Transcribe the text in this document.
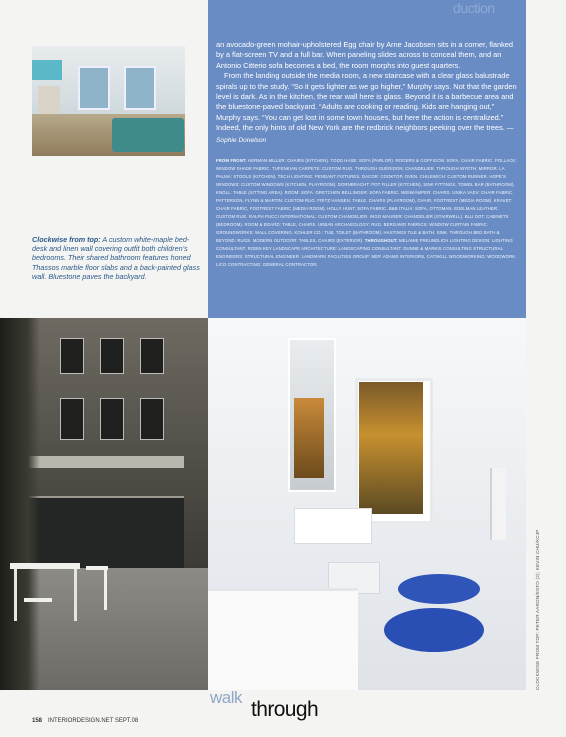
Clockwise from top: A custom white-maple bed-desk and linen wall covering outfit both children’s bedrooms. Their shared bathroom features honed Thassos marble floor slabs and a back-painted glass wall. Bluestone paves the backyard.
duction

an avocado-green mohair-upholstered Egg chair by Arne Jacobsen sits in a corner, flanked by a flat-screen TV and a full bar. When paneling slides across to conceal them, and an Antonio Citterio sofa becomes a bed, the room morphs into guest quarters.

From the landing outside the media room, a new staircase with a clear glass balustrade spirals up to the study. “So it gets lighter as we go higher,” Murphy says. Not that the garden level is dark. As in the kitchen, the rear wall here is glass. Beyond it is a barbecue area and the bluestone-paved backyard. “Adults are cooking or reading. Kids are hanging out,” Murphy says. “You can get lost in some town houses, but here the action is centralized.” Indeed, the only hints of old New York are the redbrick neighbors peeking over the trees. —Sophie Donelson

FROM FRONT: HERMAN MILLER: CHAIRS (KITCHEN). TODD HASE: SOFA (PARLOR). ROGERS & GOFFIGON: SOFA, CHAIR FABRIC. POLLACK: WINDOW SHADE FABRIC. TUFENKIAN CARPETS: CUSTOM RUG. THROUGH GUÉRIDON: CHANDELIER. THROUGH WYETH: MIRROR. LA PALMA: STOOLS (KITCHEN). TECH LIGHTING: PENDANT FIXTURES. DACOR: COOKTOP, OVEN. CHILEWICH: CUSTOM RUNNER. HOPE’S WINDOWS: CUSTOM WINDOWS (KITCHEN, PLAYROOM). DORNBRACHT: POT FILLER (KITCHEN), SINK FITTINGS, TOWEL BAR (BATHROOM). KNOLL: TABLE (SITTING AREA). ROOM: SOFA. GRETCHEN BELLINGER: SOFA FABRIC. NIENKÄMPER: CHAIRS. UNIKA VAEV: CHAIR FABRIC. PATTERSON, FLYNN & MARTIN: CUSTOM RUG. FRITZ HANSEN: TABLE, CHAIRS (PLAYROOM), CHAIR, FOOTREST (MEDIA ROOM). KRAVET: CHAIR FABRIC, FOOTREST FABRIC (MEDIA ROOM). HOLLY HUNT: SOFA FABRIC. B&B ITALIA: SOFA, OTTOMAN. EDELMAN LEATHER: CUSTOM RUG. RALPH PUCCI INTERNATIONAL: CUSTOM CHANDELIER. INGO MAURER: CHANDELIER (STAIRWELL). BLU DOT: CABINETS (BEDROOM). ROOM & BOARD: TABLE, CHAIRS. URBAN ARCHAEOLOGY: RUG. BERGAMO FABRICS: WINDOW CURTAIN FABRIC. GROUNDWORKS: WALL COVERING. KOHLER CO.: TUB, TOILET (BATHROOM). HASTINGS TILE & BATH: SINK. THROUGH BED BATH & BEYOND: RUGS. MODERN OUTDOOR: TABLES, CHAIRS (EXTERIOR). THROUGHOUT: MELANIE FREUNDLICH LIGHTING DESIGN: LIGHTING CONSULTANT. ROBIN KEY LANDSCAPE ARCHITECTURE: LANDSCAPING CONSULTANT. DUNNE & MARKIS CONSULTING STRUCTURAL ENGINEERS: STRUCTURAL ENGINEER. LANDMARK FACILITIES GROUP: MEP. ADAMS INTERIORS, CATSKILL WOODWORKING: WOODWORK. LICO CONTRACTING: GENERAL CONTRACTOR.
CLOCKWISE FROM TOP: PETER AARON/ESTO (2); KEVIN CHU/KCJP
walk
through
158 INTERIORDESIGN.NET SEPT.08
